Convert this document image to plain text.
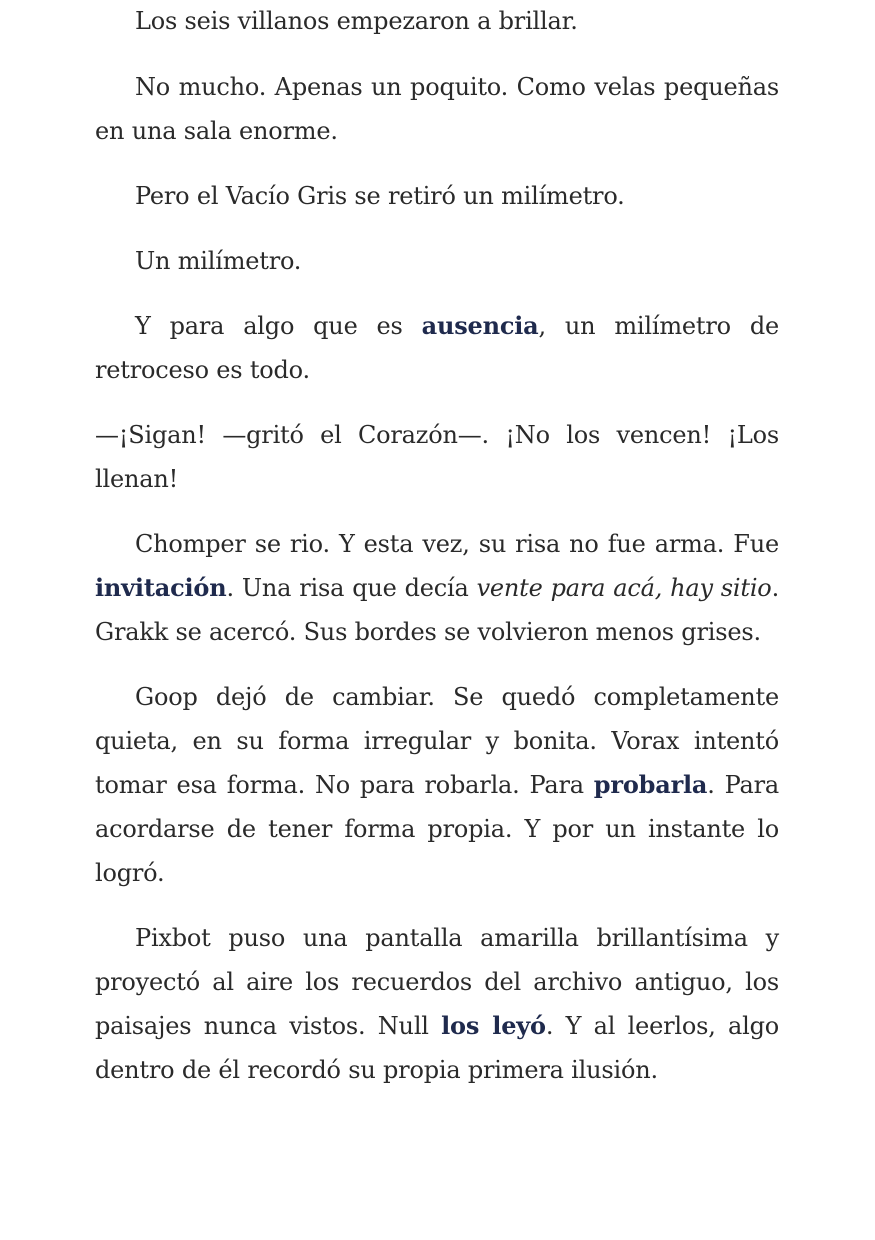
Los seis villanos empezaron a brillar.

No mucho. Apenas un poquito. Como velas pequeñas en una sala enorme.

Pero el Vacío Gris se retiró un milímetro.

Un milímetro.

Y para algo que es ausencia, un milímetro de retroceso es todo.

—¡Sigan! —gritó el Corazón—. ¡No los vencen! ¡Los llenan!

Chomper se rio. Y esta vez, su risa no fue arma. Fue invitación. Una risa que decía vente para acá, hay sitio. Grakk se acercó. Sus bordes se volvieron menos grises.

Goop dejó de cambiar. Se quedó completamente quieta, en su forma irregular y bonita. Vorax intentó tomar esa forma. No para robarla. Para probarla. Para acordarse de tener forma propia. Y por un instante lo logró.

Pixbot puso una pantalla amarilla brillantísima y proyectó al aire los recuerdos del archivo antiguo, los paisajes nunca vistos. Null los leyó. Y al leerlos, algo dentro de él recordó su propia primera ilusión.
